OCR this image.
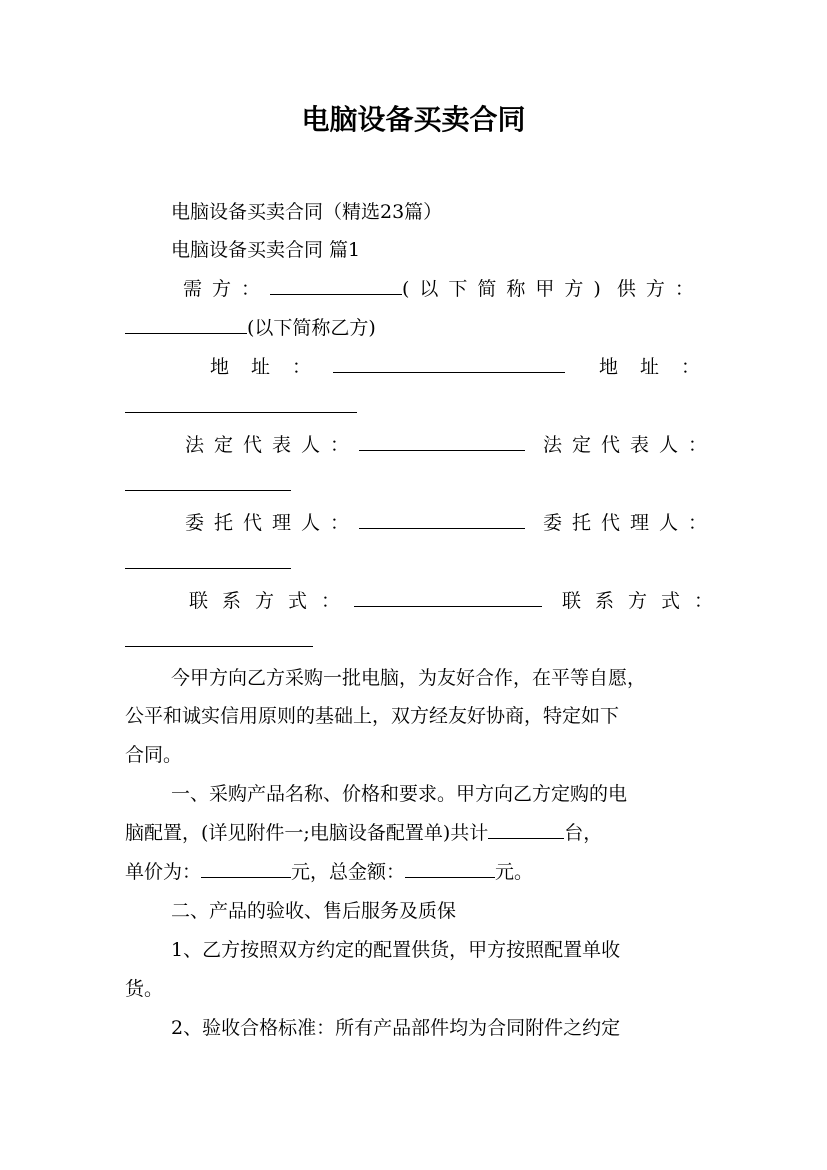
电脑设备买卖合同
电脑设备买卖合同（精选23篇）
电脑设备买卖合同 篇1
需方：	(以下简称甲方) 供方：
(以下简称乙方)
地址：	地址：
法定代表人：	法定代表人：
委托代理人：	委托代理人：
联系方式：	联系方式：
今甲方向乙方采购一批电脑，为友好合作，在平等自愿，
公平和诚实信用原则的基础上，双方经友好协商，特定如下
合同。
一、采购产品名称、价格和要求。甲方向乙方定购的电
脑配置，(详见附件一;电脑设备配置单)共计	台，
单价为：	元，总金额：	元。
二、产品的验收、售后服务及质保
1、乙方按照双方约定的配置供货，甲方按照配置单收
货。
2、验收合格标准：所有产品部件均为合同附件之约定
